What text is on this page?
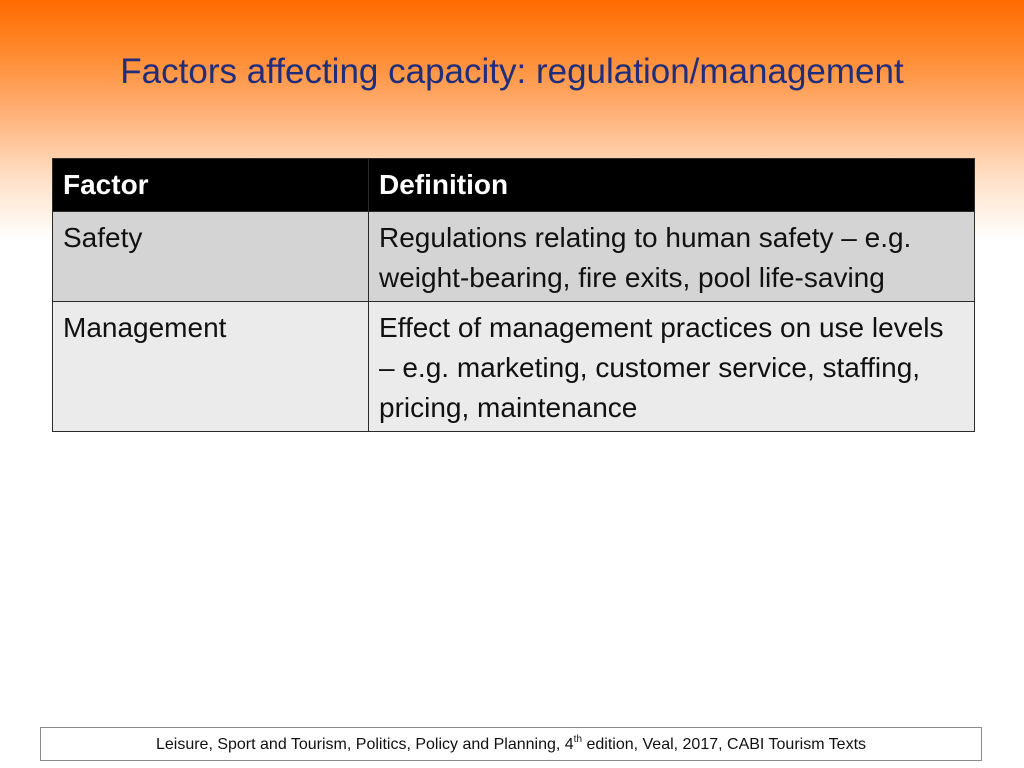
Factors affecting capacity: regulation/management
Factor	Definition
Safety	Regulations relating to human safety – e.g. weight-bearing, fire exits, pool life-saving
Management	Effect of management practices on use levels – e.g. marketing, customer service, staffing, pricing, maintenance
Leisure, Sport and Tourism, Politics, Policy and Planning, 4th edition, Veal, 2017, CABI Tourism Texts
